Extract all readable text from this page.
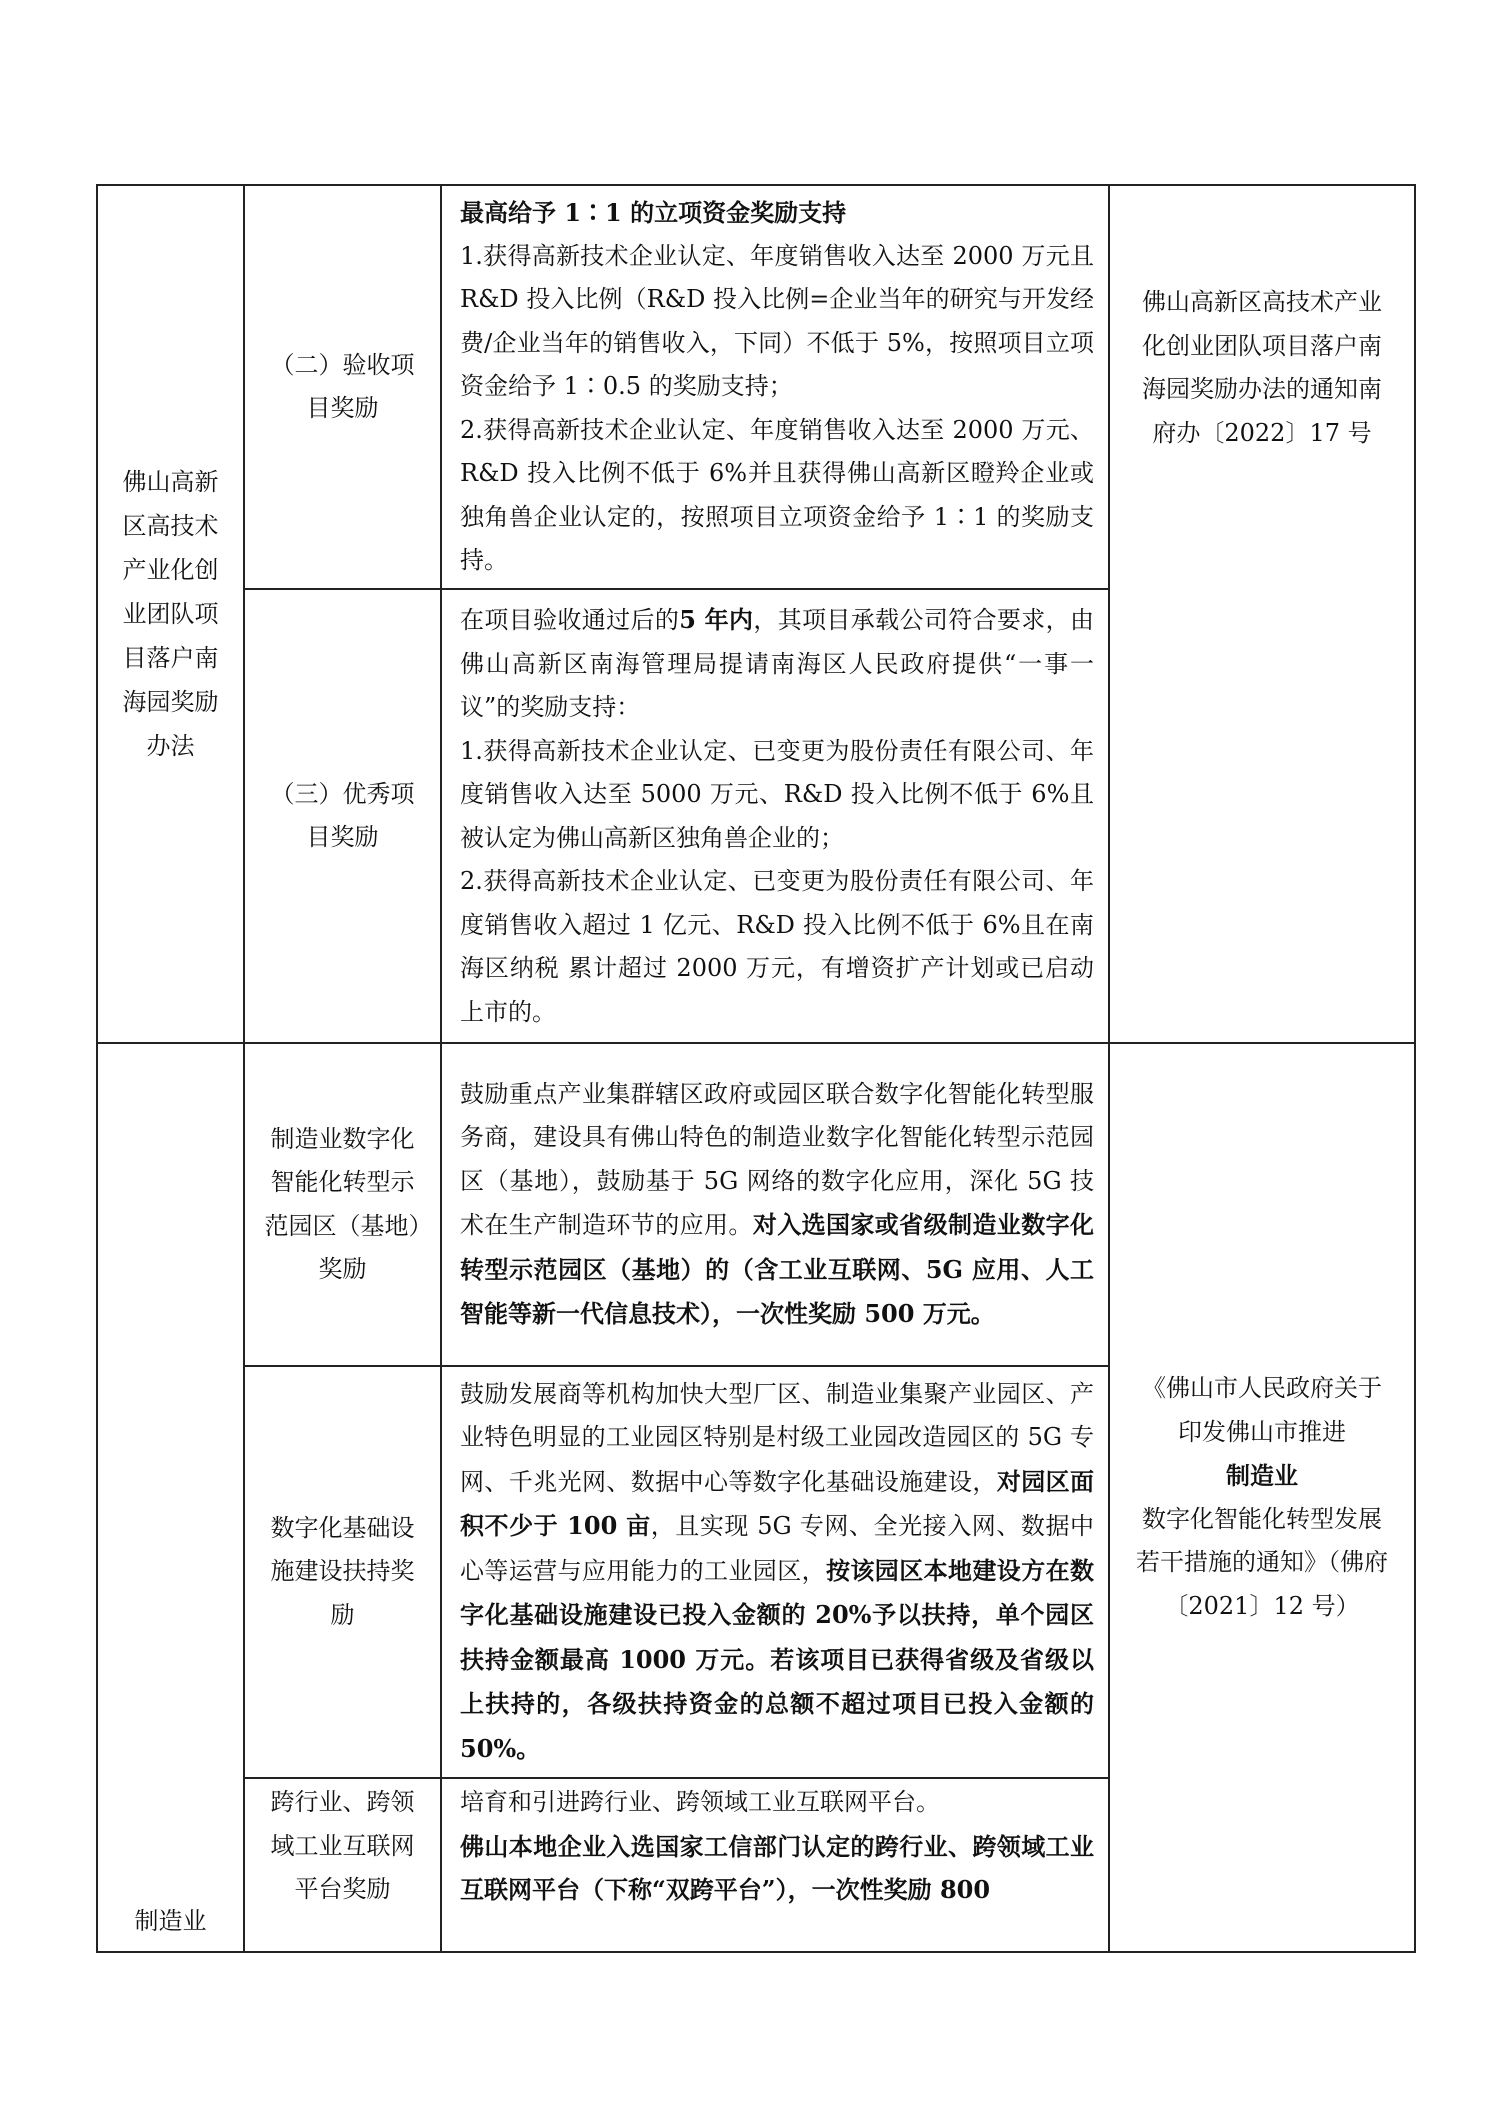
佛山高新区高技术产业化创业团队项目落户南海园奖励办法	（二）验收项目奖励	最高给予 1∶1 的立项资金奖励支持
1.获得高新技术企业认定、年度销售收入达至 2000 万元且 R&D 投入比例（R&D 投入比例=企业当年的研究与开发经费/企业当年的销售收入，下同）不低于 5%，按照项目立项资金给予 1∶0.5 的奖励支持；
2.获得高新技术企业认定、年度销售收入达至 2000 万元、R&D 投入比例不低于 6%并且获得佛山高新区瞪羚企业或独角兽企业认定的，按照项目立项资金给予 1∶1 的奖励支持。	佛山高新区高技术产业化创业团队项目落户南海园奖励办法的通知南府办〔2022〕17 号

	（三）优秀项目奖励	在项目验收通过后的5 年内，其项目承载公司符合要求，由佛山高新区南海管理局提请南海区人民政府提供“一事一议”的奖励支持：
1.获得高新技术企业认定、已变更为股份责任有限公司、年度销售收入达至 5000 万元、R&D 投入比例不低于 6%且被认定为佛山高新区独角兽企业的；
2.获得高新技术企业认定、已变更为股份责任有限公司、年度销售收入超过 1 亿元、R&D 投入比例不低于 6%且在南海区纳税 累计超过 2000 万元，有增资扩产计划或已启动上市的。	

制造业	制造业数字化智能化转型示范园区（基地）奖励	鼓励重点产业集群辖区政府或园区联合数字化智能化转型服务商，建设具有佛山特色的制造业数字化智能化转型示范园区（基地），鼓励基于 5G 网络的数字化应用，深化 5G 技术在生产制造环节的应用。对入选国家或省级制造业数字化转型示范园区（基地）的（含工业互联网、5G 应用、人工智能等新一代信息技术），一次性奖励 500 万元。	《佛山市人民政府关于印发佛山市推进
制造业
数字化智能化转型发展若干措施的通知》（佛府〔2021〕12 号）

	数字化基础设施建设扶持奖励	鼓励发展商等机构加快大型厂区、制造业集聚产业园区、产业特色明显的工业园区特别是村级工业园改造园区的 5G 专网、千兆光网、数据中心等数字化基础设施建设，对园区面积不少于 100 亩，且实现 5G 专网、全光接入网、数据中心等运营与应用能力的工业园区，按该园区本地建设方在数字化基础设施建设已投入金额的 20%予以扶持，单个园区扶持金额最高 1000 万元。若该项目已获得省级及省级以上扶持的，各级扶持资金的总额不超过项目已投入金额的 50%。	

	跨行业、跨领域工业互联网平台奖励	培育和引进跨行业、跨领域工业互联网平台。
佛山本地企业入选国家工信部门认定的跨行业、跨领域工业互联网平台（下称“双跨平台”），一次性奖励 800	
